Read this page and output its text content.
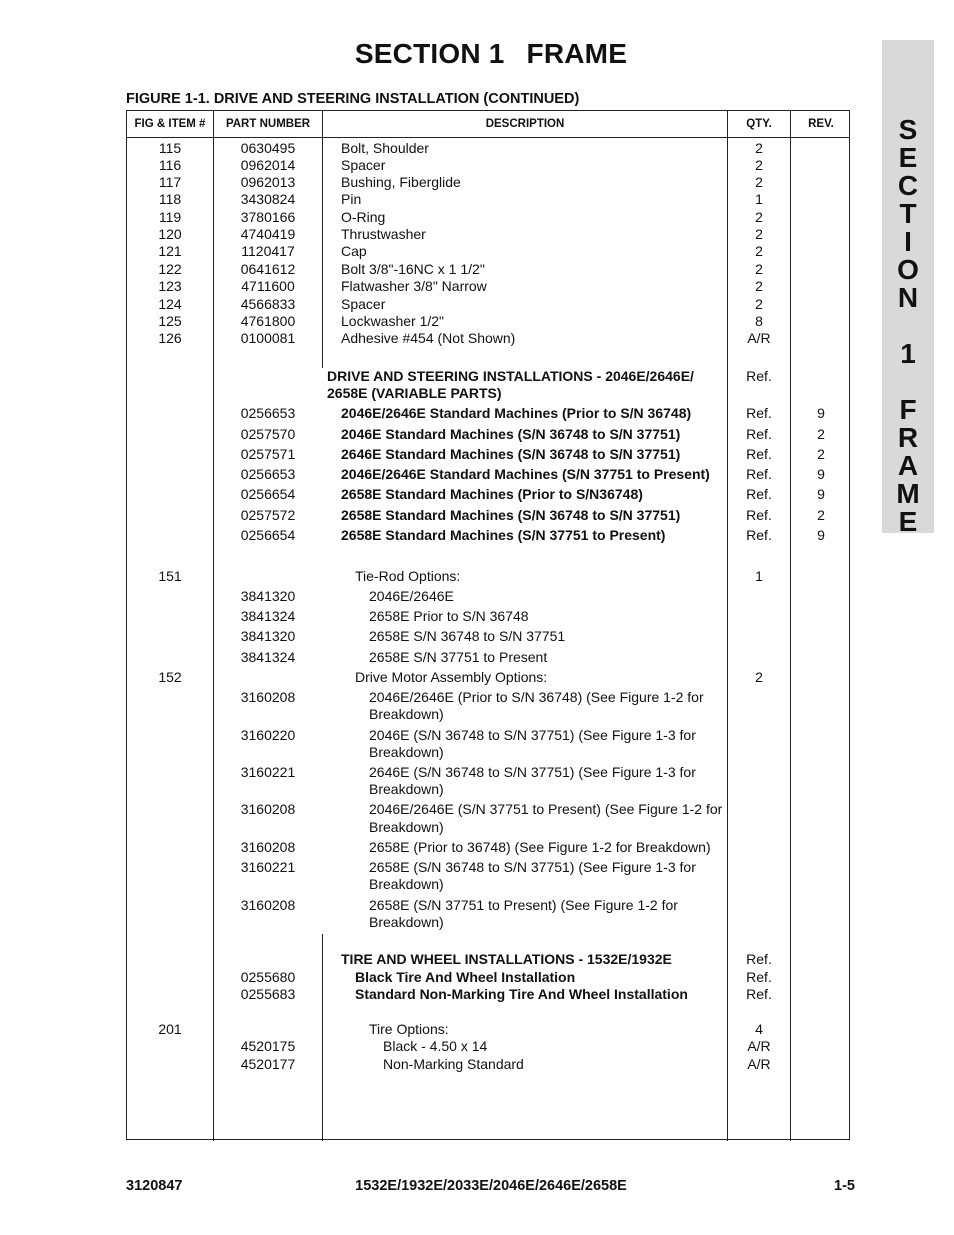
SECTION 1 FRAME
S
E
C
T
I
O
N
1
F
R
A
M
E
FIGURE 1-1. DRIVE AND STEERING INSTALLATION (CONTINUED)
FIG & ITEM #	PART NUMBER	DESCRIPTION	QTY.	REV.
115	0630495	Bolt, Shoulder	2
116	0962014	Spacer	2
117	0962013	Bushing, Fiberglide	2
118	3430824	Pin	1
119	3780166	O-Ring	2
120	4740419	Thrustwasher	2
121	1120417	Cap	2
122	0641612	Bolt 3/8"-16NC x 1 1/2"	2
123	4711600	Flatwasher 3/8" Narrow	2
124	4566833	Spacer	2
125	4761800	Lockwasher 1/2"	8
126	0100081	Adhesive #454 (Not Shown)	A/R
DRIVE AND STEERING INSTALLATIONS - 2046E/2646E/	Ref.
2658E (VARIABLE PARTS)
0256653	2046E/2646E Standard Machines (Prior to S/N 36748)	Ref.	9
0257570	2046E Standard Machines (S/N 36748 to S/N 37751)	Ref.	2
0257571	2646E Standard Machines (S/N 36748 to S/N 37751)	Ref.	2
0256653	2046E/2646E Standard Machines (S/N 37751 to Present)	Ref.	9
0256654	2658E Standard Machines (Prior to S/N36748)	Ref.	9
0257572	2658E Standard Machines (S/N 36748 to S/N 37751)	Ref.	2
0256654	2658E Standard Machines (S/N 37751 to Present)	Ref.	9
151	Tie-Rod Options:	1
3841320	2046E/2646E
3841324	2658E Prior to S/N 36748
3841320	2658E S/N 36748 to S/N 37751
3841324	2658E S/N 37751 to Present
152	Drive Motor Assembly Options:	2
3160208	2046E/2646E (Prior to S/N 36748) (See Figure 1-2 for
Breakdown)
3160220	2046E (S/N 36748 to S/N 37751) (See Figure 1-3 for
Breakdown)
3160221	2646E (S/N 36748 to S/N 37751) (See Figure 1-3 for
Breakdown)
3160208	2046E/2646E (S/N 37751 to Present) (See Figure 1-2 for
Breakdown)
3160208	2658E (Prior to 36748) (See Figure 1-2 for Breakdown)
3160221	2658E (S/N 36748 to S/N 37751) (See Figure 1-3 for
Breakdown)
3160208	2658E (S/N 37751 to Present) (See Figure 1-2 for
Breakdown)
TIRE AND WHEEL INSTALLATIONS - 1532E/1932E	Ref.
0255680	Black Tire And Wheel Installation	Ref.
0255683	Standard Non-Marking Tire And Wheel Installation	Ref.
201	Tire Options:	4
4520175	Black - 4.50 x 14	A/R
4520177	Non-Marking Standard	A/R
3120847	1532E/1932E/2033E/2046E/2646E/2658E	1-5
